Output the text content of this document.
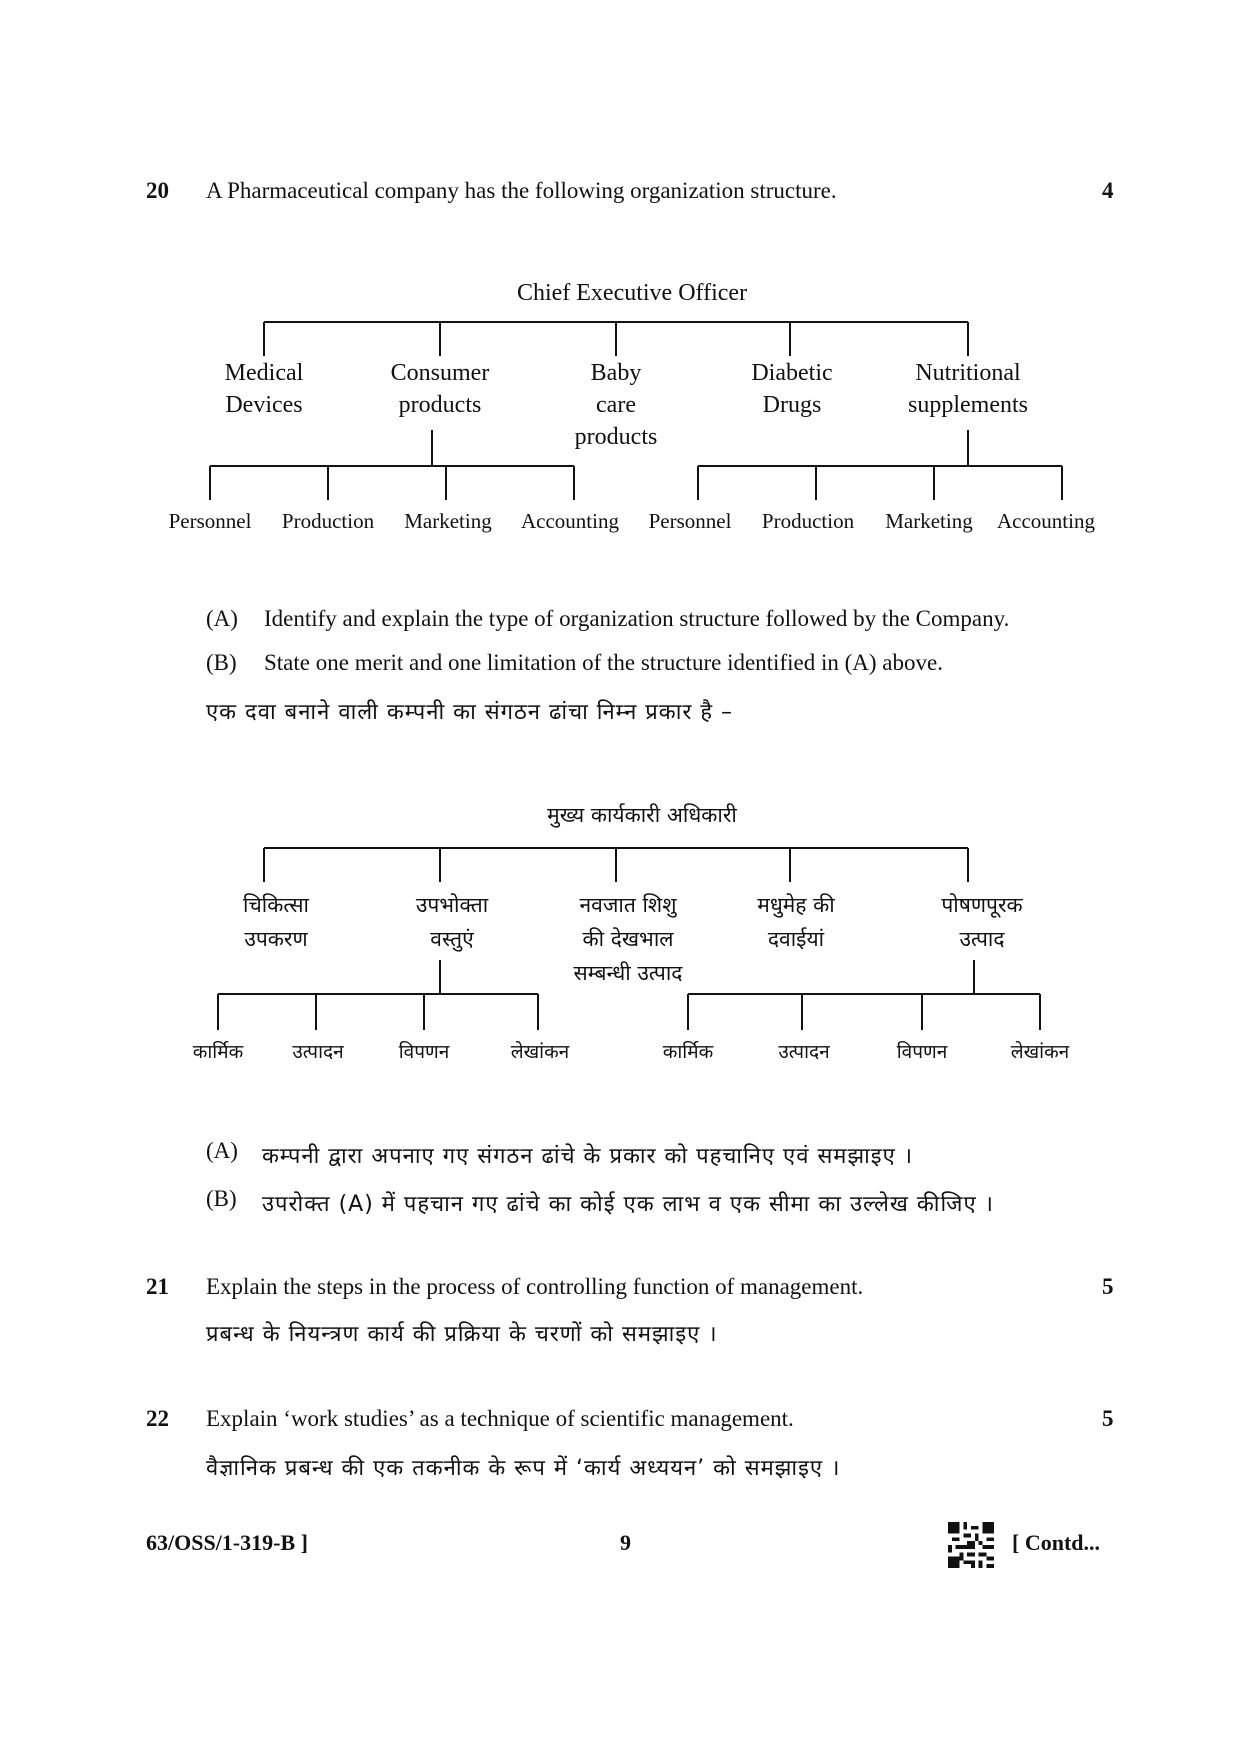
20 A Pharmaceutical company has the following organization structure.	4
Chief Executive Officer
Medical
Devices
Consumer
products
Baby
care
products
Diabetic
Drugs
Nutritional
supplements
Personnel Production Marketing Accounting Personnel Production Marketing Accounting
(A) Identify and explain the type of organization structure followed by the Company.
(B) State one merit and one limitation of the structure identified in (A) above.
एक दवा बनाने वाली कम्पनी का संगठन ढांचा निम्न प्रकार है –
मुख्य कार्यकारी अधिकारी
चिकित्सा
उपकरण
उपभोक्ता
वस्तुएं
नवजात शिशु
की देखभाल
सम्बन्धी उत्पाद
मधुमेह की
दवाईयां
पोषणपूरक
उत्पाद
कार्मिक	उत्पादन	विपणन	लेखांकन	कार्मिक	उत्पादन	विपणन	लेखांकन
(A) कम्पनी द्वारा अपनाए गए संगठन ढांचे के प्रकार को पहचानिए एवं समझाइए ।
(B) उपरोक्त (A) में पहचान गए ढांचे का कोई एक लाभ व एक सीमा का उल्लेख कीजिए ।
21 Explain the steps in the process of controlling function of management.	5
प्रबन्ध के नियन्त्रण कार्य की प्रक्रिया के चरणों को समझाइए ।
22 Explain ‘work studies’ as a technique of scientific management.	5
वैज्ञानिक प्रबन्ध की एक तकनीक के रूप में ‘कार्य अध्ययन’ को समझाइए ।
63/OSS/1-319-B ]	9	[ Contd...
